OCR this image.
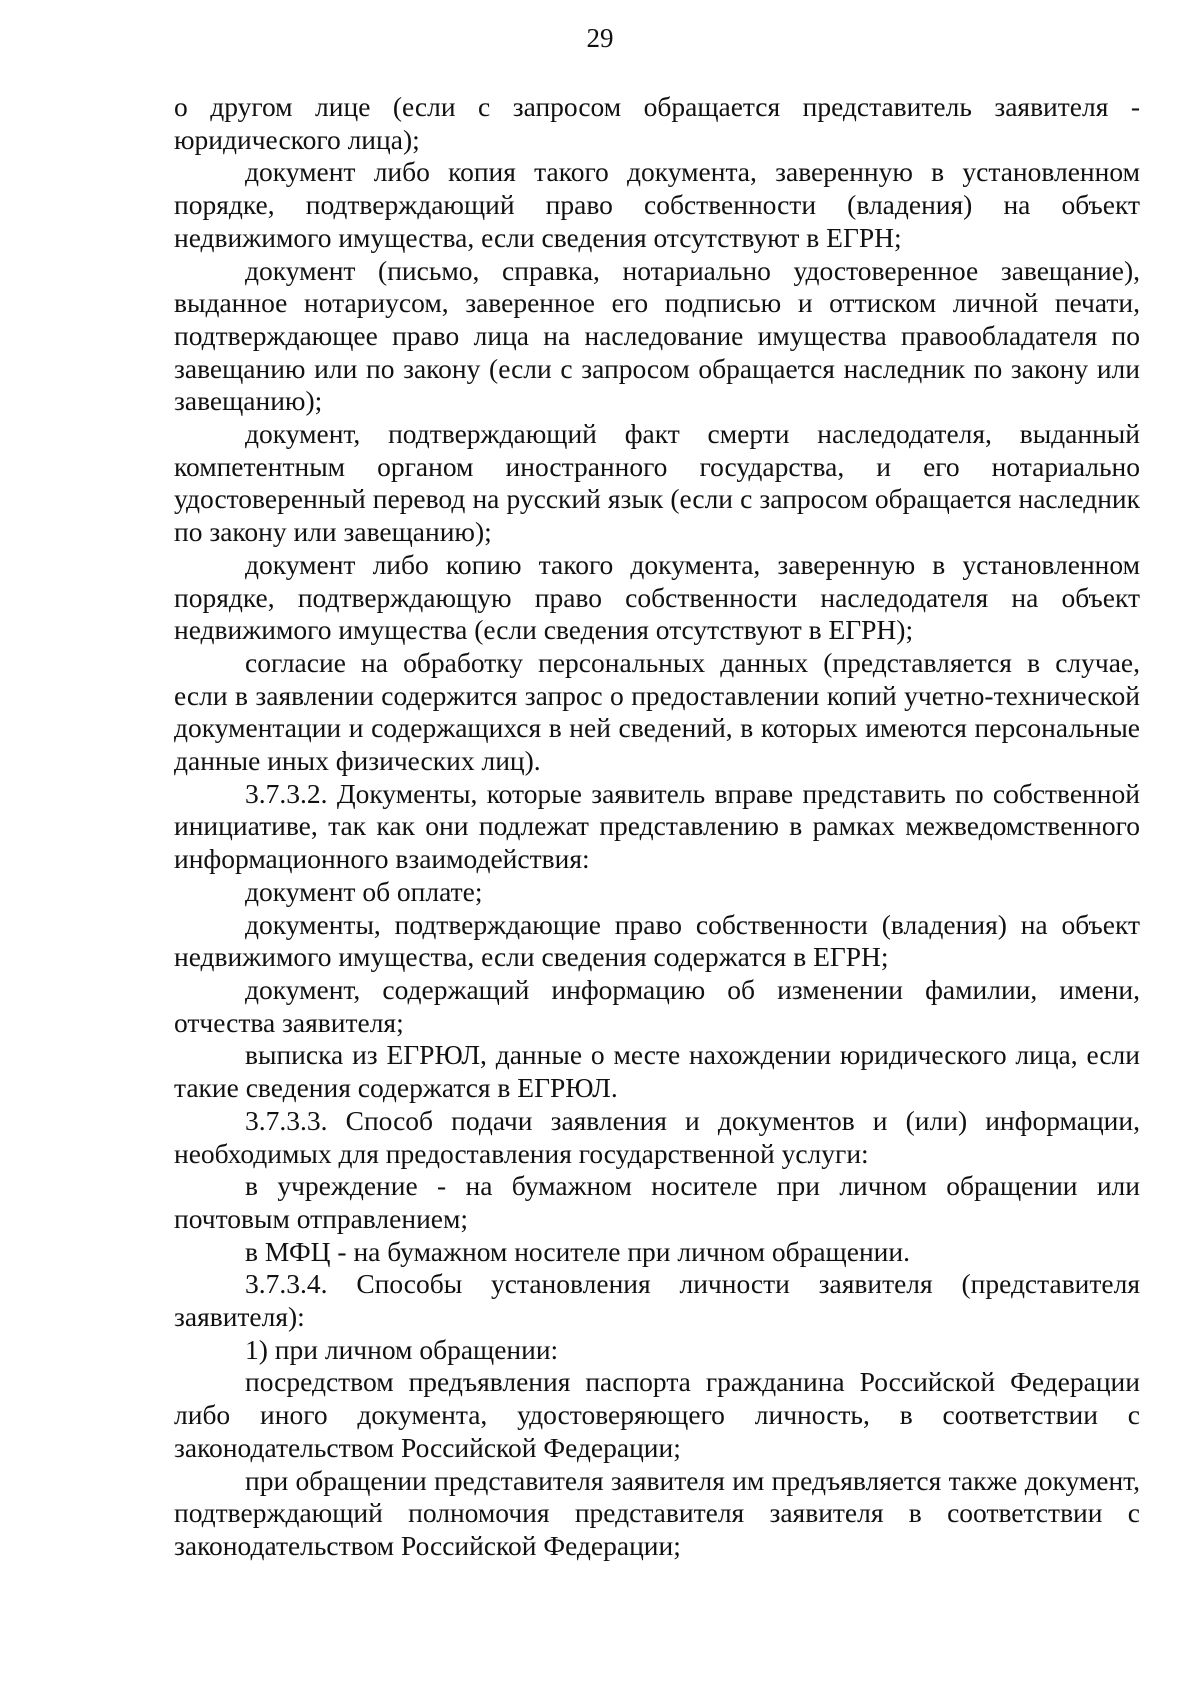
29

о другом лице (если с запросом обращается представитель заявителя - юридического лица);

документ либо копия такого документа, заверенную в установленном порядке, подтверждающий право собственности (владения) на объект недвижимого имущества, если сведения отсутствуют в ЕГРН;

документ (письмо, справка, нотариально удостоверенное завещание), выданное нотариусом, заверенное его подписью и оттиском личной печати, подтверждающее право лица на наследование имущества правообладателя по завещанию или по закону (если с запросом обращается наследник по закону или завещанию);

документ, подтверждающий факт смерти наследодателя, выданный компетентным органом иностранного государства, и его нотариально удостоверенный перевод на русский язык (если с запросом обращается наследник по закону или завещанию);

документ либо копию такого документа, заверенную в установленном порядке, подтверждающую право собственности наследодателя на объект недвижимого имущества (если сведения отсутствуют в ЕГРН);

согласие на обработку персональных данных (представляется в случае, если в заявлении содержится запрос о предоставлении копий учетно-технической документации и содержащихся в ней сведений, в которых имеются персональные данные иных физических лиц).

3.7.3.2. Документы, которые заявитель вправе представить по собственной инициативе, так как они подлежат представлению в рамках межведомственного информационного взаимодействия:

документ об оплате;

документы, подтверждающие право собственности (владения) на объект недвижимого имущества, если сведения содержатся в ЕГРН;

документ, содержащий информацию об изменении фамилии, имени, отчества заявителя;

выписка из ЕГРЮЛ, данные о месте нахождении юридического лица, если такие сведения содержатся в ЕГРЮЛ.

3.7.3.3. Способ подачи заявления и документов и (или) информации, необходимых для предоставления государственной услуги:

в учреждение - на бумажном носителе при личном обращении или почтовым отправлением;

в МФЦ - на бумажном носителе при личном обращении.

3.7.3.4. Способы установления личности заявителя (представителя заявителя):

1) при личном обращении:

посредством предъявления паспорта гражданина Российской Федерации либо иного документа, удостоверяющего личность, в соответствии с законодательством Российской Федерации;

при обращении представителя заявителя им предъявляется также документ, подтверждающий полномочия представителя заявителя в соответствии с законодательством Российской Федерации;
